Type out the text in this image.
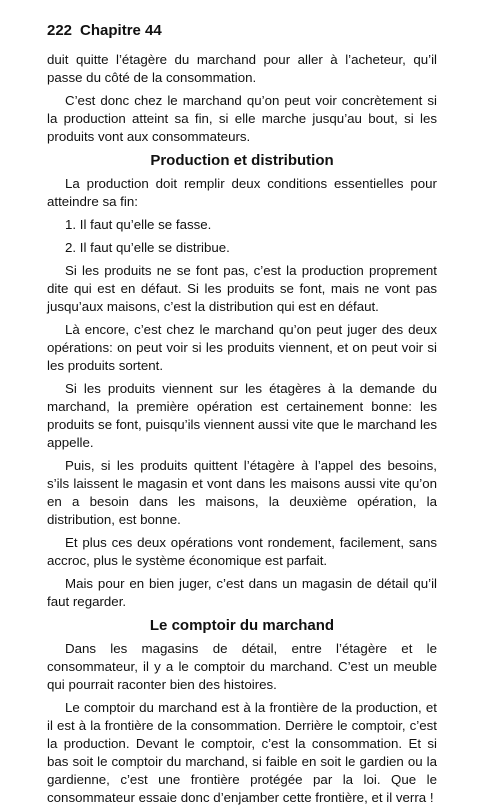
222 Chapitre 44

duit quitte l’étagère du marchand pour aller à l’acheteur, qu’il passe du côté de la consommation.

C’est donc chez le marchand qu’on peut voir concrètement si la production atteint sa fin, si elle marche jusqu’au bout, si les produits vont aux consommateurs.

Production et distribution

La production doit remplir deux conditions essentielles pour atteindre sa fin:

1. Il faut qu’elle se fasse.

2. Il faut qu’elle se distribue.

Si les produits ne se font pas, c’est la production proprement dite qui est en défaut. Si les produits se font, mais ne vont pas jusqu’aux maisons, c’est la distribution qui est en défaut.

Là encore, c’est chez le marchand qu’on peut juger des deux opérations: on peut voir si les produits viennent, et on peut voir si les produits sortent.

Si les produits viennent sur les étagères à la demande du marchand, la première opération est certainement bonne: les produits se font, puisqu’ils viennent aussi vite que le marchand les appelle.

Puis, si les produits quittent l’étagère à l’appel des besoins, s’ils laissent le magasin et vont dans les maisons aussi vite qu’on en a besoin dans les maisons, la deuxième opération, la distribution, est bonne.

Et plus ces deux opérations vont rondement, facilement, sans accroc, plus le système économique est parfait.

Mais pour en bien juger, c’est dans un magasin de détail qu’il faut regarder.

Le comptoir du marchand

Dans les magasins de détail, entre l’étagère et le consommateur, il y a le comptoir du marchand. C’est un meuble qui pourrait raconter bien des histoires.

Le comptoir du marchand est à la frontière de la production, et il est à la frontière de la consommation. Derrière le comptoir, c’est la production. Devant le comptoir, c’est la consommation. Et si bas soit le comptoir du marchand, si faible en soit le gardien ou la gardienne, c’est une frontière protégée par la loi. Que le consommateur essaie donc d’enjamber cette frontière, et il verra !
